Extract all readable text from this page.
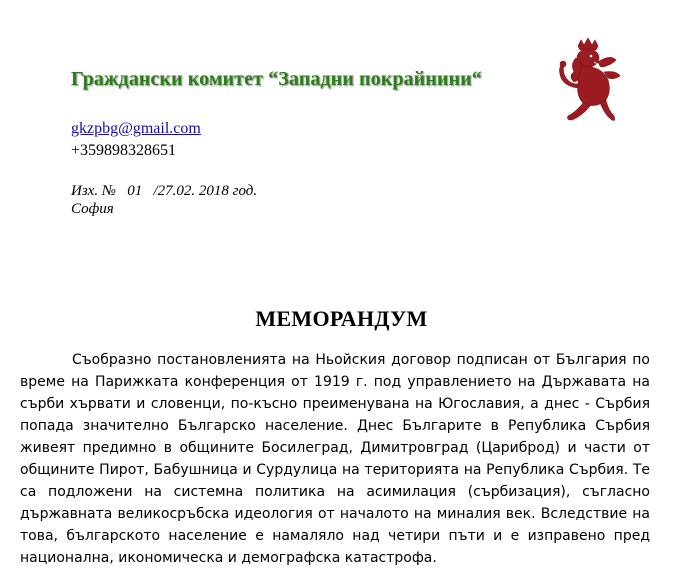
Граждански комитет “Западни покрайнини“
gkzpbg@gmail.com
+359898328651
Изх. №   01   /27.02. 2018 год.
София
МЕМОРАНДУМ

Съобразно постановленията на Ньойския договор подписан от България по време на Парижката конференция от 1919 г. под управлението на Държавата на сърби хървати и словенци, по-късно преименувана на Югославия, а днес - Сърбия попада значително Българско население. Днес Българите в Република Сърбия живеят предимно в общините Босилеград, Димитровград (Цариброд) и части от общините Пирот, Бабушница и Сурдулица на територията на Република Сърбия. Те са подложени на системна политика на асимилация (сърбизация), съгласно държавната великосръбска идеология от началото на миналия век. Вследствие на това, българското население е намаляло над четири пъти и е изправено пред национална, икономическа и демографска катастрофа.
